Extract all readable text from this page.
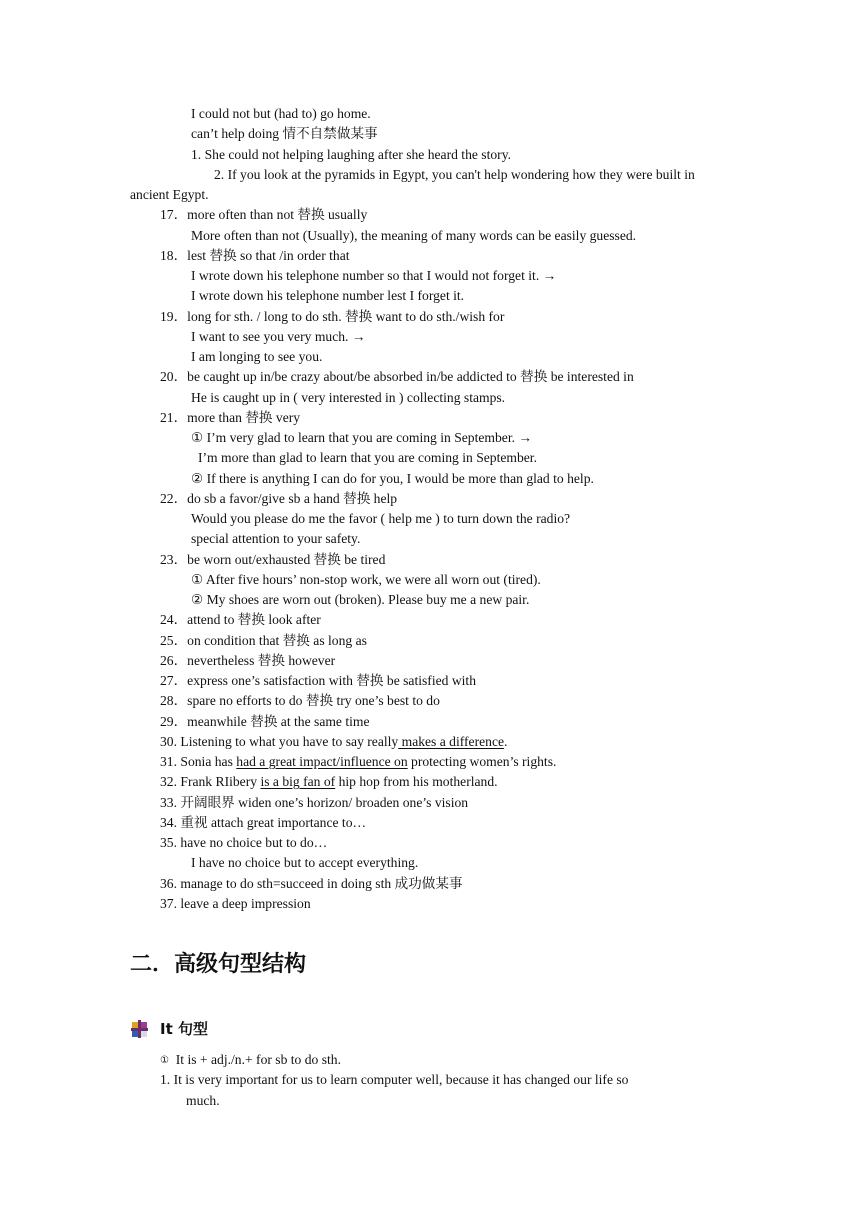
I could not but (had to) go home.
can’t help doing 情不自禁做某事
1. She could not helping laughing after she heard the story.
2. If you look at the pyramids in Egypt, you can't help wondering how they were built in
ancient Egypt.
17．more often than not 替换 usually
More often than not (Usually), the meaning of many words can be easily guessed.
18．lest 替换 so that /in order that
I wrote down his telephone number so that I would not forget it. →
I wrote down his telephone number lest I forget it.
19．long for sth. / long to do sth. 替换 want to do sth./wish for
I want to see you very much. →
I am longing to see you.
20．be caught up in/be crazy about/be absorbed in/be addicted to 替换 be interested in
He is caught up in ( very interested in ) collecting stamps.
21．more than 替换 very
① I’m very glad to learn that you are coming in September. →
I’m more than glad to learn that you are coming in September.
② If there is anything I can do for you, I would be more than glad to help.
22．do sb a favor/give sb a hand 替换 help
Would you please do me the favor ( help me ) to turn down the radio?
special attention to your safety.
23．be worn out/exhausted 替换 be tired
① After five hours’ non-stop work, we were all worn out (tired).
② My shoes are worn out (broken). Please buy me a new pair.
24．attend to 替换 look after
25．on condition that 替换 as long as
26．nevertheless 替换 however
27．express one’s satisfaction with 替换 be satisfied with
28．spare no efforts to do 替换 try one’s best to do
29．meanwhile 替换 at the same time
30. Listening to what you have to say really makes a difference.
31. Sonia has had a great impact/influence on protecting women’s rights.
32. Frank RIibery is a big fan of hip hop from his motherland.
33. 开阔眼界 widen one’s horizon/ broaden one’s vision
34. 重视 attach great importance to…
35. have no choice but to do…
I have no choice but to accept everything.
36. manage to do sth=succeed in doing sth 成功做某事
37. leave a deep impression
二．高级句型结构
It 句型
① It is + adj./n.+ for sb to do sth.
1. It is very important for us to learn computer well, because it has changed our life so
much.
